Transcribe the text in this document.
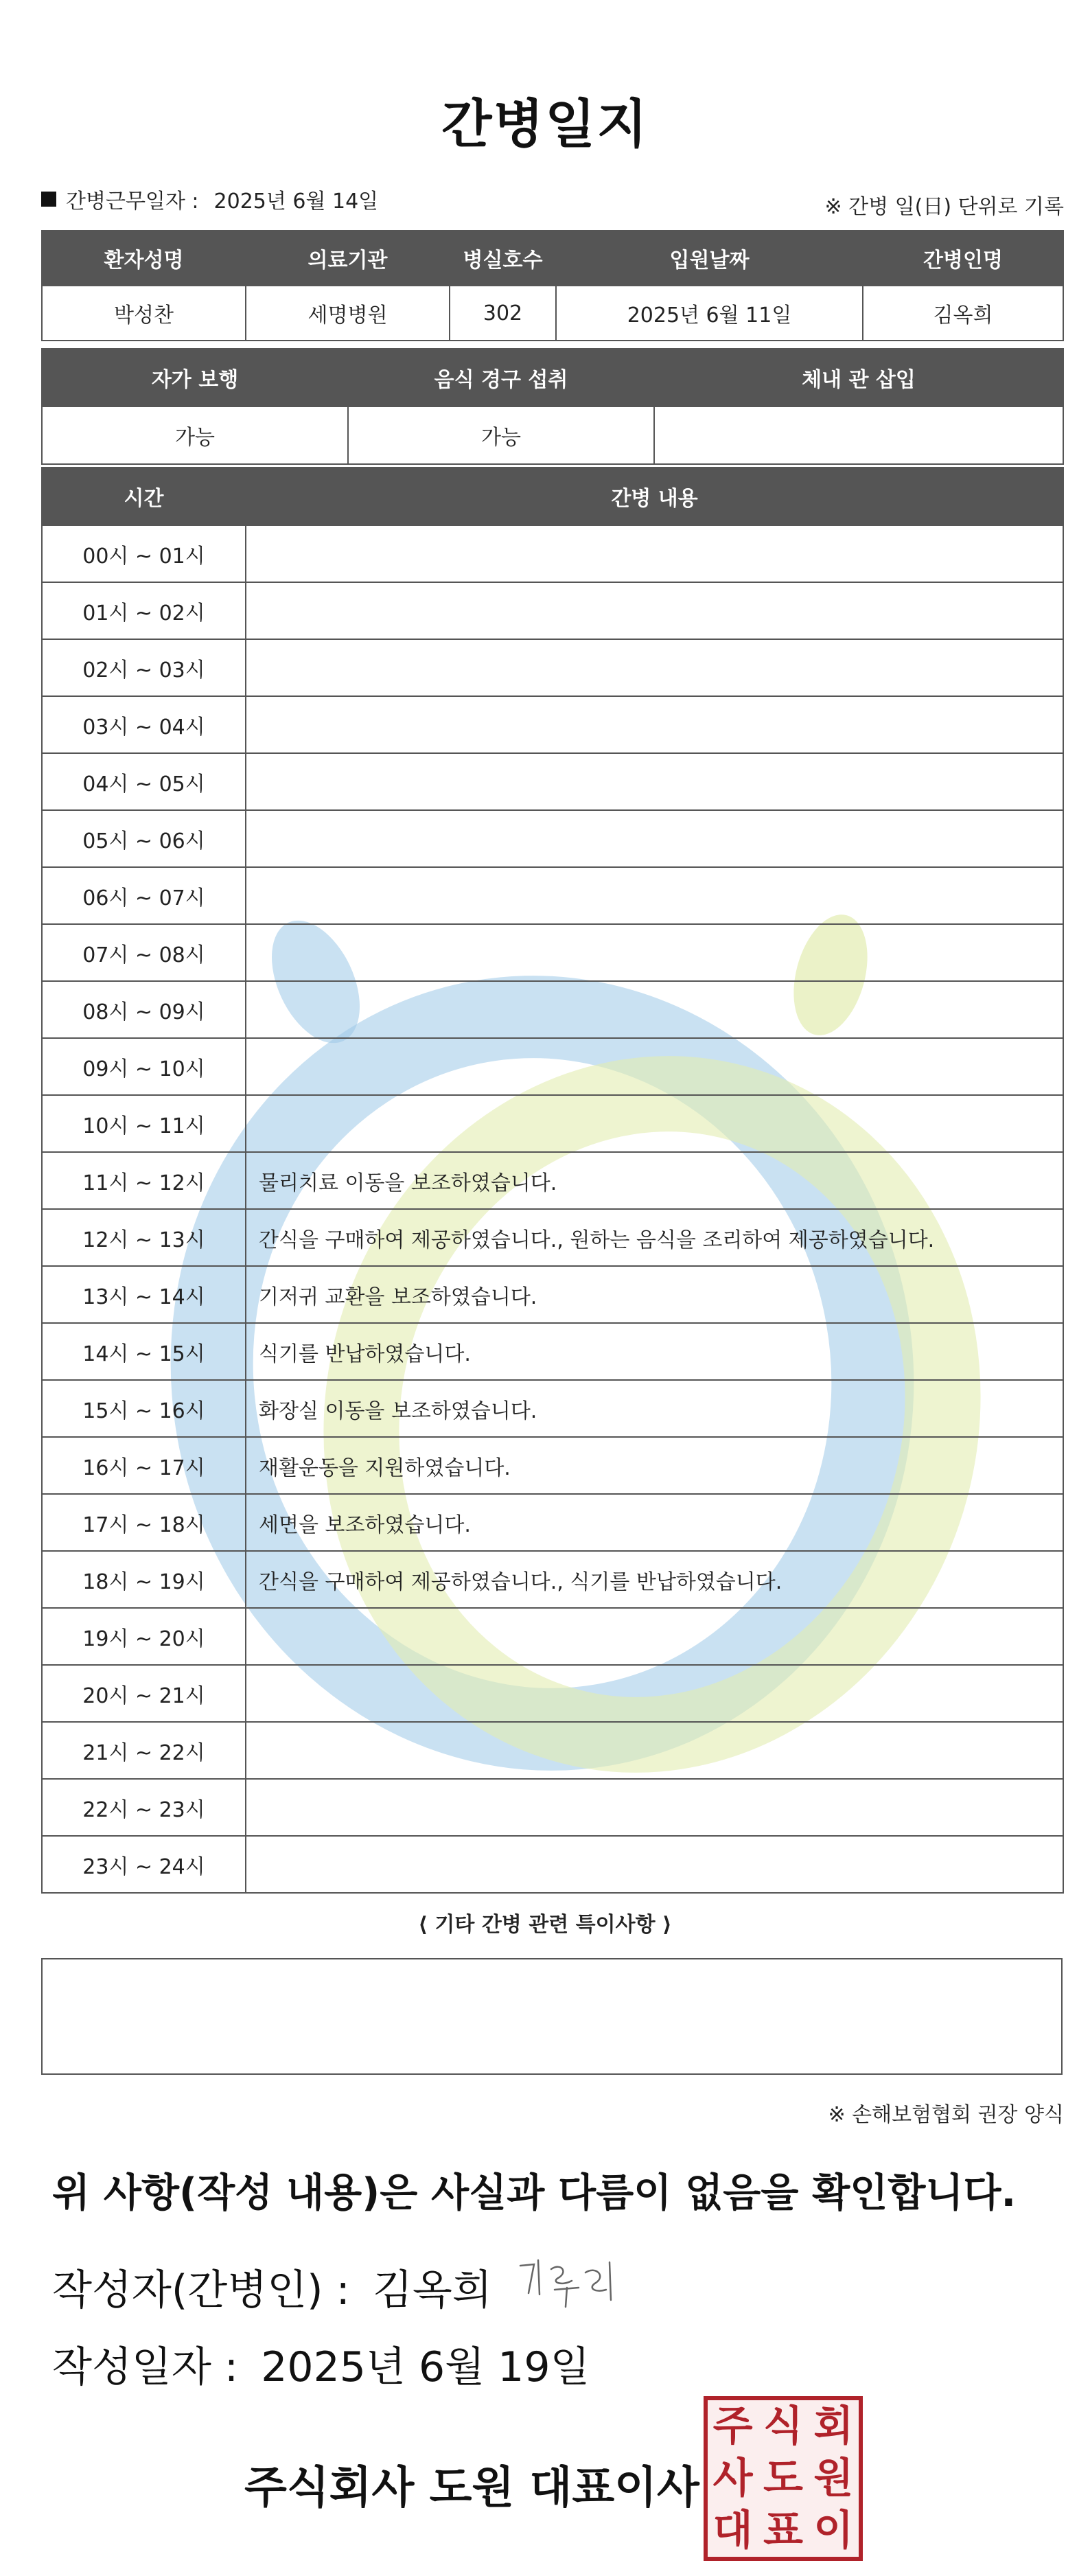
간병일지
간병근무일자 : 2025년 6월 14일	※ 간병 일(日) 단위로 기록
환자성명	의료기관	병실호수	입원날짜	간병인명
박성찬	세명병원	302	2025년 6월 11일	김옥희
자가 보행	음식 경구 섭취	체내 관 삽입
가능	가능	
시간	간병 내용
00시 ~ 01시	
01시 ~ 02시	
02시 ~ 03시	
03시 ~ 04시	
04시 ~ 05시	
05시 ~ 06시	
06시 ~ 07시	
07시 ~ 08시	
08시 ~ 09시	
09시 ~ 10시	
10시 ~ 11시	
11시 ~ 12시	물리치료 이동을 보조하였습니다.
12시 ~ 13시	간식을 구매하여 제공하였습니다., 원하는 음식을 조리하여 제공하였습니다.
13시 ~ 14시	기저귀 교환을 보조하였습니다.
14시 ~ 15시	식기를 반납하였습니다.
15시 ~ 16시	화장실 이동을 보조하였습니다.
16시 ~ 17시	재활운동을 지원하였습니다.
17시 ~ 18시	세면을 보조하였습니다.
18시 ~ 19시	간식을 구매하여 제공하였습니다., 식기를 반납하였습니다.
19시 ~ 20시	
20시 ~ 21시	
21시 ~ 22시	
22시 ~ 23시	
23시 ~ 24시	
⟨ 기타 간병 관련 특이사항 ⟩
※ 손해보험협회 권장 양식
위 사항(작성 내용)은 사실과 다름이 없음을 확인합니다.
작성자(간병인) : 김옥희
작성일자 : 2025년 6월 19일
주식회사 도원 대표이사
주 식 회
사 도 원
대 표 이
